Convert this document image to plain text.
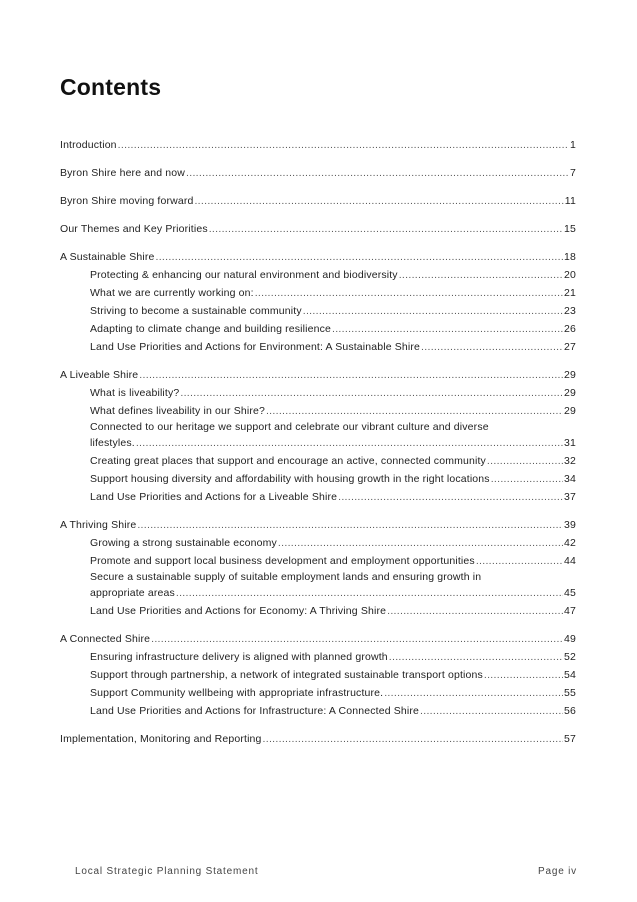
Contents
Introduction .....	1
Byron Shire here and now .....	7
Byron Shire moving forward .....	11
Our Themes and Key Priorities .....	15
A Sustainable Shire .....	18
Protecting & enhancing our natural environment and biodiversity .....	20
What we are currently working on: .....	21
Striving to become a sustainable community .....	23
Adapting to climate change and building resilience .....	26
Land Use Priorities and Actions for Environment: A Sustainable Shire .....	27
A Liveable Shire .....	29
What is liveability? .....	29
What defines liveability in our Shire? .....	29
Connected to our heritage we support and celebrate our vibrant culture and diverse
lifestyles. .....	31
Creating great places that support and encourage an active, connected community .....	32
Support housing diversity and affordability with housing growth in the right locations .....	34
Land Use Priorities and Actions for a Liveable Shire .....	37
A Thriving Shire .....	39
Growing a strong sustainable economy .....	42
Promote and support local business development and employment opportunities .....	44
Secure a sustainable supply of suitable employment lands and ensuring growth in
appropriate areas .....	45
Land Use Priorities and Actions for Economy: A Thriving Shire .....	47
A Connected Shire .....	49
Ensuring infrastructure delivery is aligned with planned growth .....	52
Support through partnership, a network of integrated sustainable transport options .....	54
Support Community wellbeing with appropriate infrastructure. .....	55
Land Use Priorities and Actions for Infrastructure: A Connected Shire .....	56
Implementation, Monitoring and Reporting .....	57
Local Strategic Planning Statement	Page iv
